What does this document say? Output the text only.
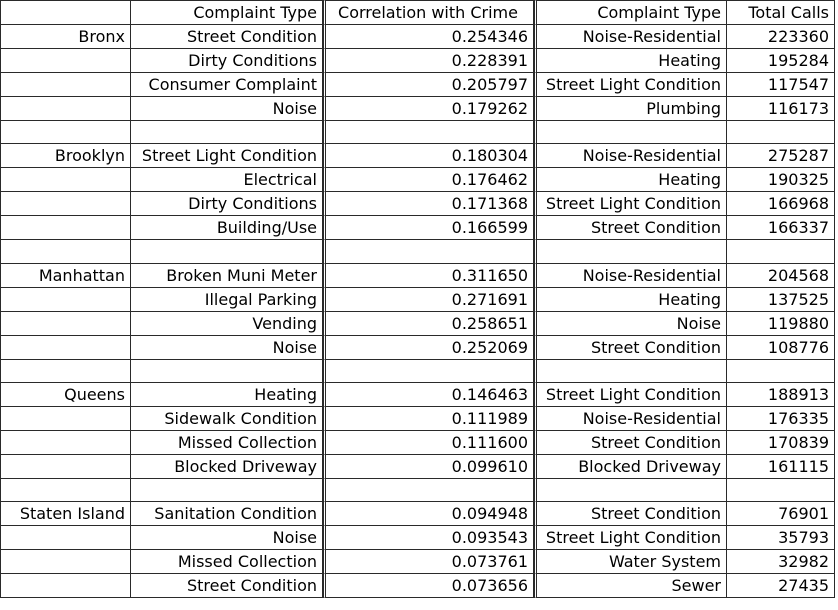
	Complaint Type	Correlation with Crime	Complaint Type	Total Calls
Bronx	Street Condition	0.254346	Noise-Residential	223360
	Dirty Conditions	0.228391	Heating	195284
	Consumer Complaint	0.205797	Street Light Condition	117547
	Noise	0.179262	Plumbing	116173

Brooklyn	Street Light Condition	0.180304	Noise-Residential	275287
	Electrical	0.176462	Heating	190325
	Dirty Conditions	0.171368	Street Light Condition	166968
	Building/Use	0.166599	Street Condition	166337

Manhattan	Broken Muni Meter	0.311650	Noise-Residential	204568
	Illegal Parking	0.271691	Heating	137525
	Vending	0.258651	Noise	119880
	Noise	0.252069	Street Condition	108776

Queens	Heating	0.146463	Street Light Condition	188913
	Sidewalk Condition	0.111989	Noise-Residential	176335
	Missed Collection	0.111600	Street Condition	170839
	Blocked Driveway	0.099610	Blocked Driveway	161115

Staten Island	Sanitation Condition	0.094948	Street Condition	76901
	Noise	0.093543	Street Light Condition	35793
	Missed Collection	0.073761	Water System	32982
	Street Condition	0.073656	Sewer	27435
